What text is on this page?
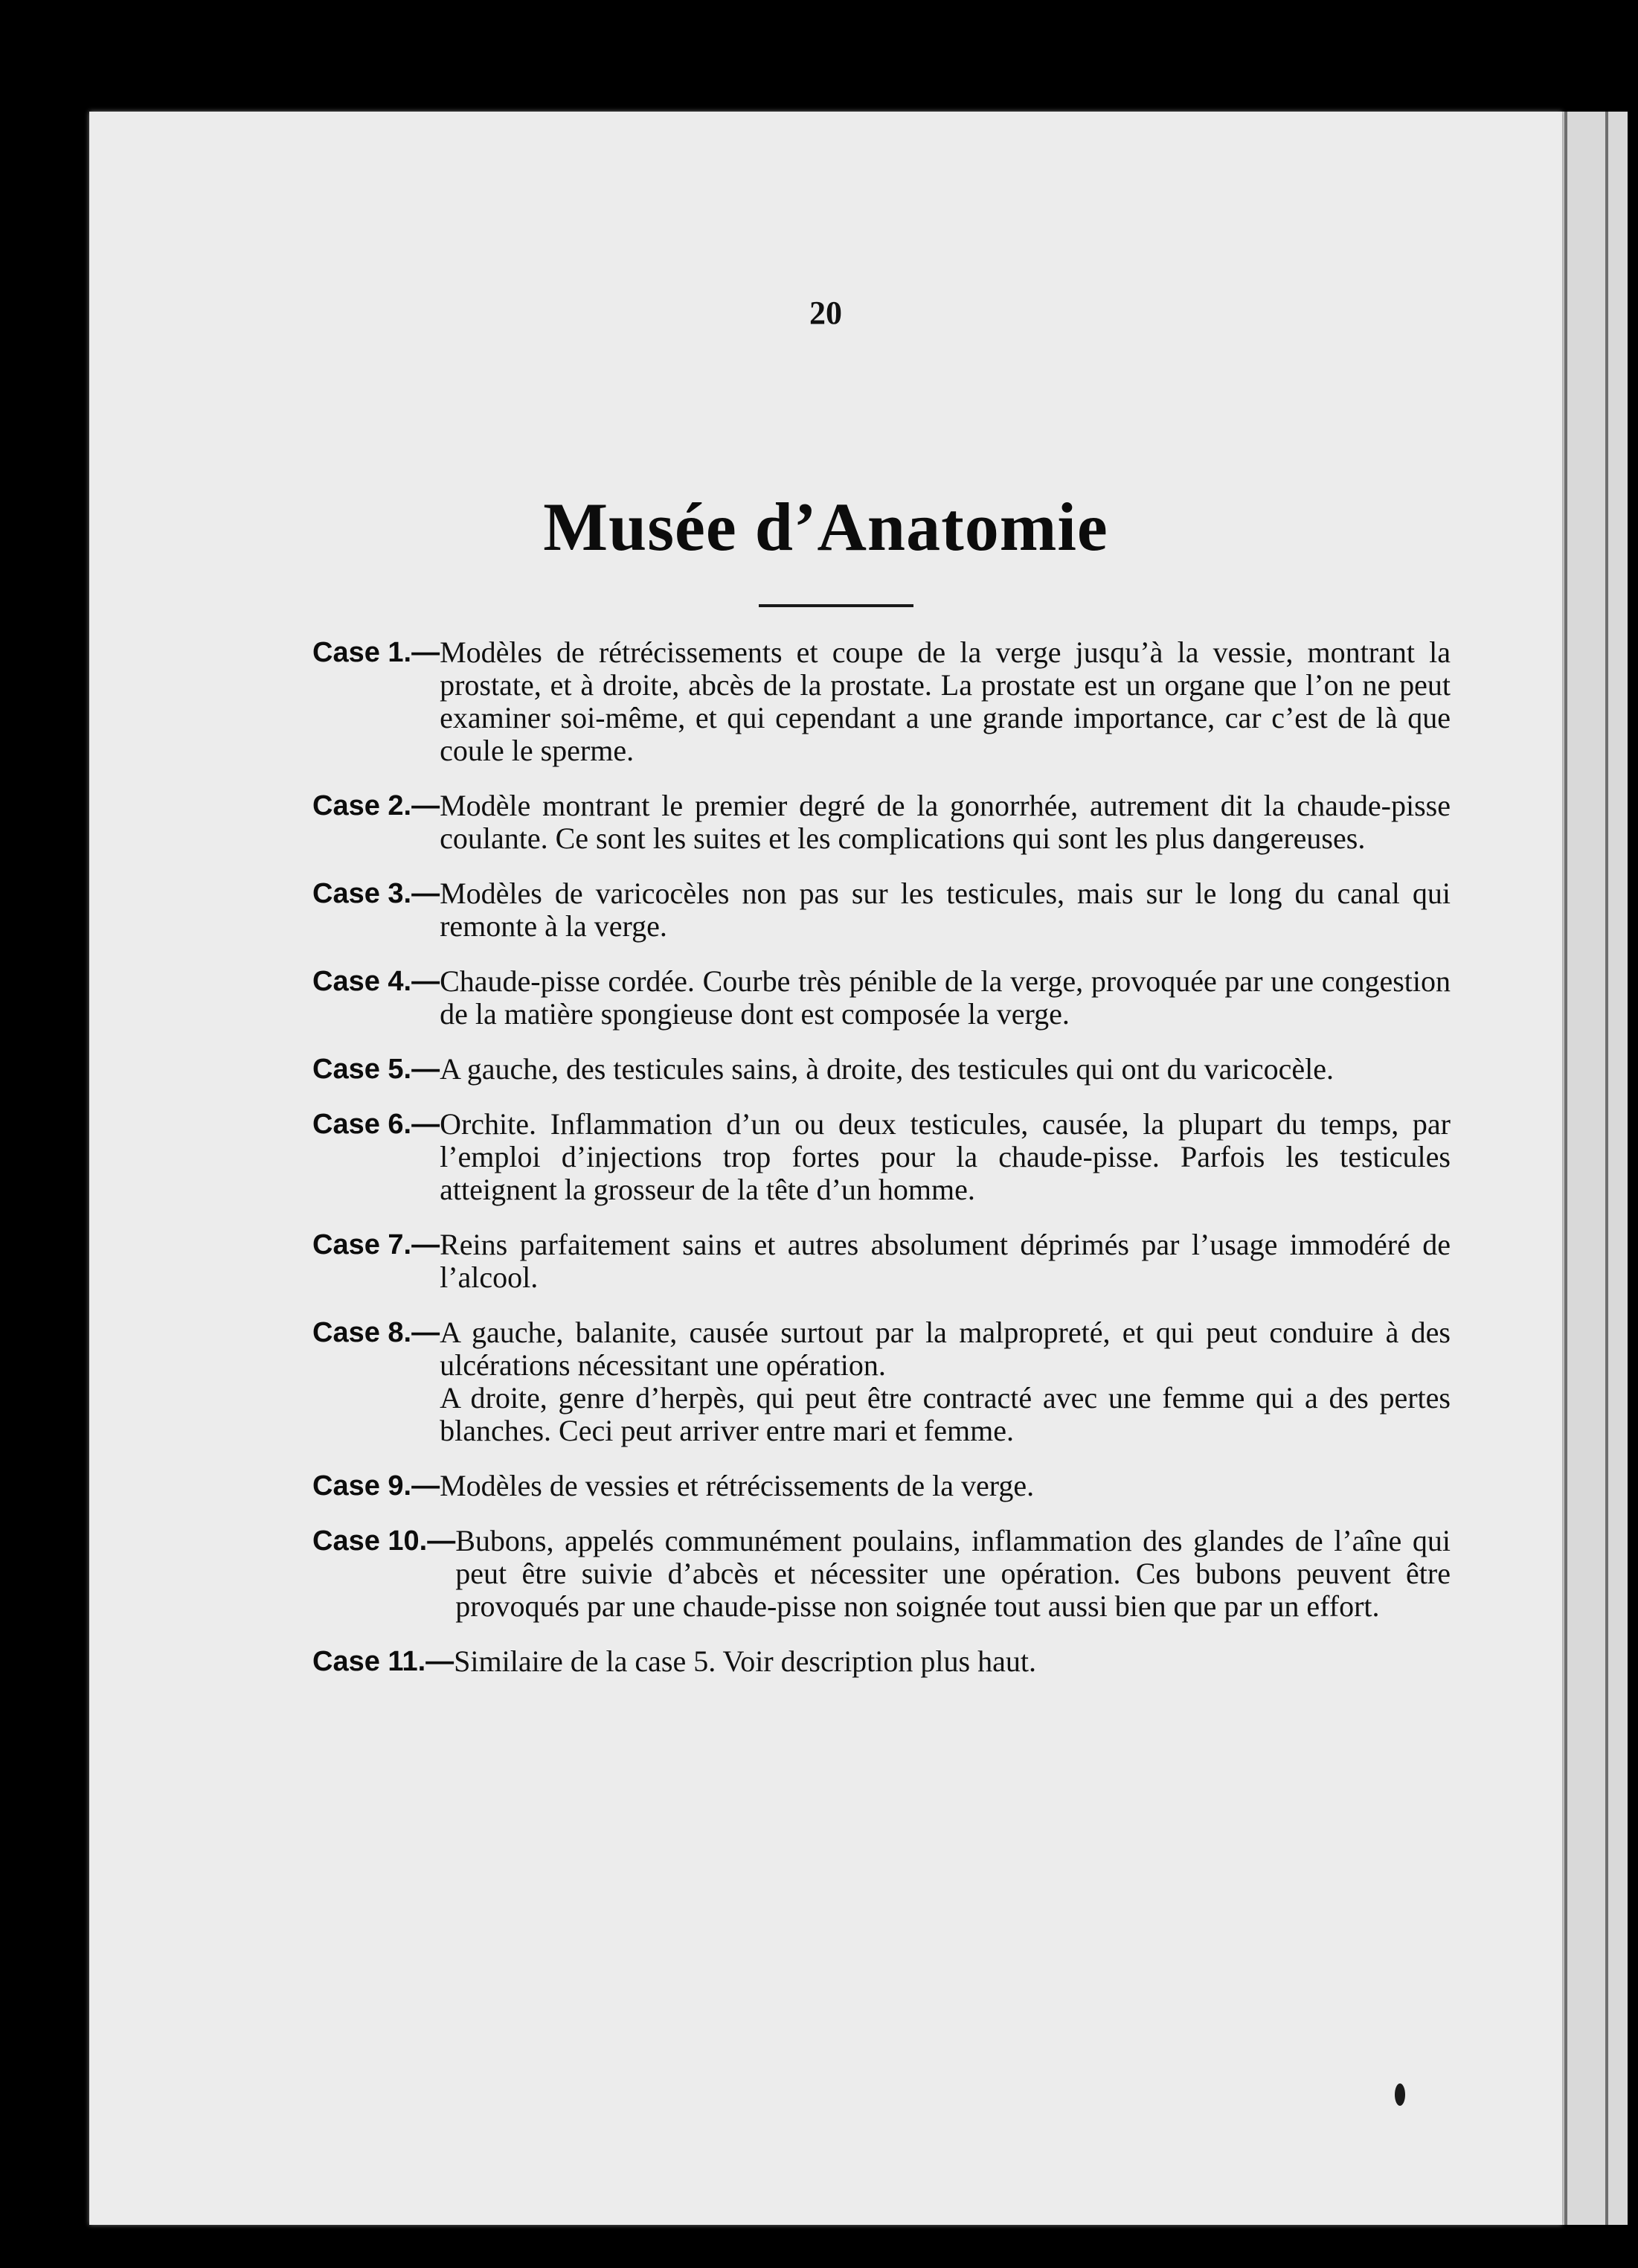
20
Musée d’Anatomie
Case 1.— Modèles de rétrécissements et coupe de la verge jusqu’à la vessie, montrant la prostate, et à droite, abcès de la prostate. La prostate est un organe que l’on ne peut examiner soi-même, et qui cependant a une grande importance, car c’est de là que coule le sperme.

Case 2.— Modèle montrant le premier degré de la gonorrhée, autrement dit la chaude-pisse coulante. Ce sont les suites et les complications qui sont les plus dangereuses.

Case 3.— Modèles de varicocèles non pas sur les testicules, mais sur le long du canal qui remonte à la verge.

Case 4.— Chaude-pisse cordée. Courbe très pénible de la verge, provoquée par une congestion de la matière spongieuse dont est composée la verge.

Case 5.— A gauche, des testicules sains, à droite, des testicules qui ont du varicocèle.

Case 6.— Orchite. Inflammation d’un ou deux testicules, causée, la plupart du temps, par l’emploi d’injections trop fortes pour la chaude-pisse. Parfois les testicules atteignent la grosseur de la tête d’un homme.

Case 7.— Reins parfaitement sains et autres absolument déprimés par l’usage immodéré de l’alcool.

Case 8.— A gauche, balanite, causée surtout par la malpropreté, et qui peut conduire à des ulcérations nécessitant une opération.

A droite, genre d’herpès, qui peut être contracté avec une femme qui a des pertes blanches. Ceci peut arriver entre mari et femme.

Case 9.— Modèles de vessies et rétrécissements de la verge.

Case 10.— Bubons, appelés communément poulains, inflammation des glandes de l’aîne qui peut être suivie d’abcès et nécessiter une opération. Ces bubons peuvent être provoqués par une chaude-pisse non soignée tout aussi bien que par un effort.

Case 11.— Similaire de la case 5. Voir description plus haut.
